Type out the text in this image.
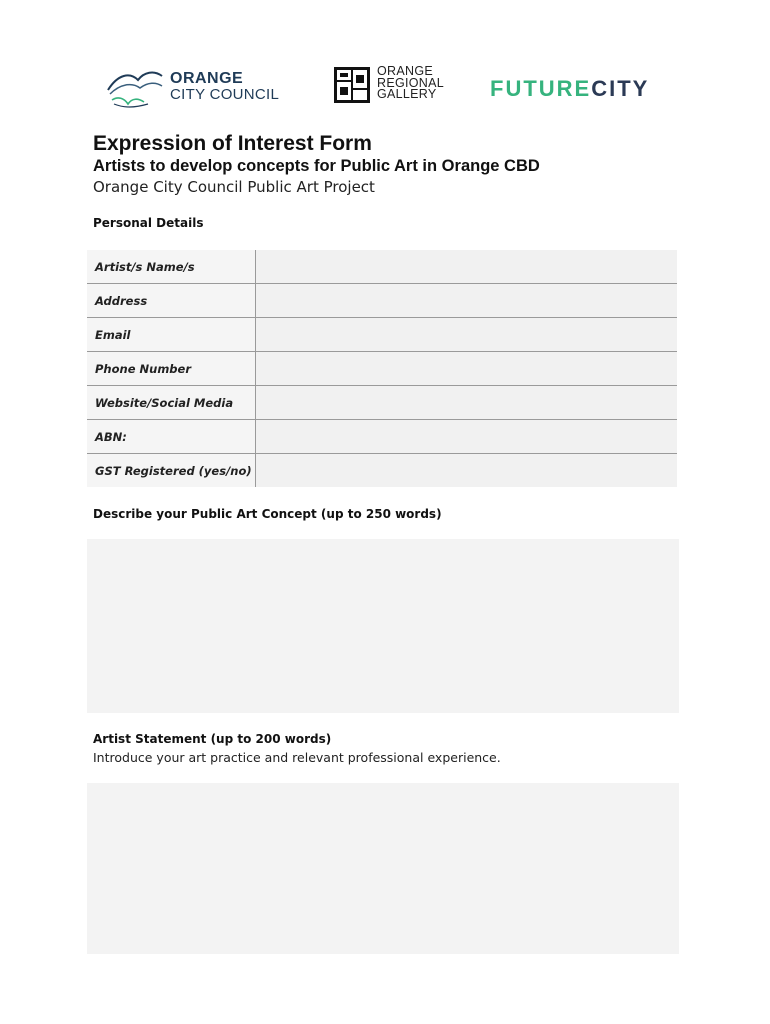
ORANGE
CITY COUNCIL
ORANGE
REGIONAL
GALLERY	FUTURECITY
Expression of Interest Form
Artists to develop concepts for Public Art in Orange CBD
Orange City Council Public Art Project
Personal Details
Artist/s Name/s	
Address	
Email	
Phone Number	
Website/Social Media	
ABN:	
GST Registered (yes/no)	
Describe your Public Art Concept (up to 250 words)
Artist Statement (up to 200 words)
Introduce your art practice and relevant professional experience.
